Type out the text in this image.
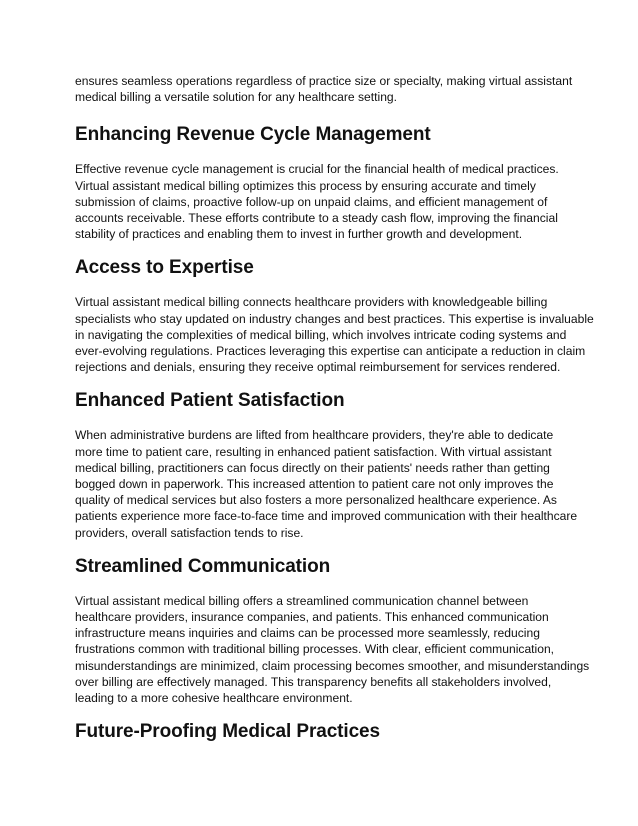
ensures seamless operations regardless of practice size or specialty, making virtual assistant
medical billing a versatile solution for any healthcare setting.

Enhancing Revenue Cycle Management

Effective revenue cycle management is crucial for the financial health of medical practices.
Virtual assistant medical billing optimizes this process by ensuring accurate and timely
submission of claims, proactive follow-up on unpaid claims, and efficient management of
accounts receivable. These efforts contribute to a steady cash flow, improving the financial
stability of practices and enabling them to invest in further growth and development.

Access to Expertise

Virtual assistant medical billing connects healthcare providers with knowledgeable billing
specialists who stay updated on industry changes and best practices. This expertise is invaluable
in navigating the complexities of medical billing, which involves intricate coding systems and
ever-evolving regulations. Practices leveraging this expertise can anticipate a reduction in claim
rejections and denials, ensuring they receive optimal reimbursement for services rendered.

Enhanced Patient Satisfaction

When administrative burdens are lifted from healthcare providers, they're able to dedicate
more time to patient care, resulting in enhanced patient satisfaction. With virtual assistant
medical billing, practitioners can focus directly on their patients' needs rather than getting
bogged down in paperwork. This increased attention to patient care not only improves the
quality of medical services but also fosters a more personalized healthcare experience. As
patients experience more face-to-face time and improved communication with their healthcare
providers, overall satisfaction tends to rise.

Streamlined Communication

Virtual assistant medical billing offers a streamlined communication channel between
healthcare providers, insurance companies, and patients. This enhanced communication
infrastructure means inquiries and claims can be processed more seamlessly, reducing
frustrations common with traditional billing processes. With clear, efficient communication,
misunderstandings are minimized, claim processing becomes smoother, and misunderstandings
over billing are effectively managed. This transparency benefits all stakeholders involved,
leading to a more cohesive healthcare environment.

Future-Proofing Medical Practices
